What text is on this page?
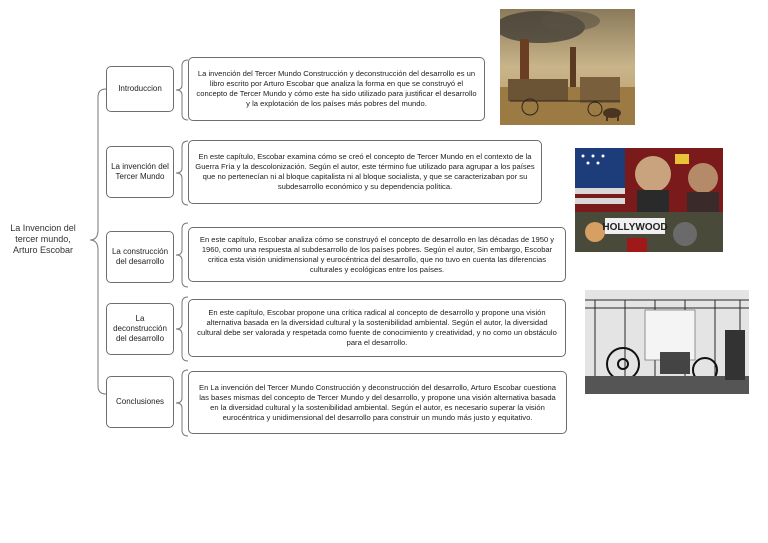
La Invencion del tercer mundo, Arturo Escobar
Introduccion
La invención del Tercer Mundo Construcción y deconstrucción del desarrollo es un libro escrito por Arturo Escobar que analiza la forma en que se construyó el concepto de Tercer Mundo y cómo este ha sido utilizado para justificar el desarrollo y la explotación de los países más pobres del mundo.
La invención del Tercer Mundo
En este capítulo, Escobar examina cómo se creó el concepto de Tercer Mundo en el contexto de la Guerra Fría y la descolonización. Según el autor, este término fue utilizado para agrupar a los países que no pertenecían ni al bloque capitalista ni al bloque socialista, y que se caracterizaban por su subdesarrollo económico y su dependencia política.
La construcción del desarrollo
En este capítulo, Escobar analiza cómo se construyó el concepto de desarrollo en las décadas de 1950 y 1960, como una respuesta al subdesarrollo de los países pobres. Según el autor, Sin embargo, Escobar critica esta visión unidimensional y eurocéntrica del desarrollo, que no tuvo en cuenta las diferencias culturales y ecológicas entre los países.
La deconstrucción del desarrollo
En este capítulo, Escobar propone una crítica radical al concepto de desarrollo y propone una visión alternativa basada en la diversidad cultural y la sostenibilidad ambiental. Según el autor, la diversidad cultural debe ser valorada y respetada como fuente de conocimiento y creatividad, y no como un obstáculo para el desarrollo.
Conclusiones
En La invención del Tercer Mundo Construcción y deconstrucción del desarrollo, Arturo Escobar cuestiona las bases mismas del concepto de Tercer Mundo y del desarrollo, y propone una visión alternativa basada en la diversidad cultural y la sostenibilidad ambiental. Según el autor, es necesario superar la visión eurocéntrica y unidimensional del desarrollo para construir un mundo más justo y equitativo.
HOLLYWOOD
